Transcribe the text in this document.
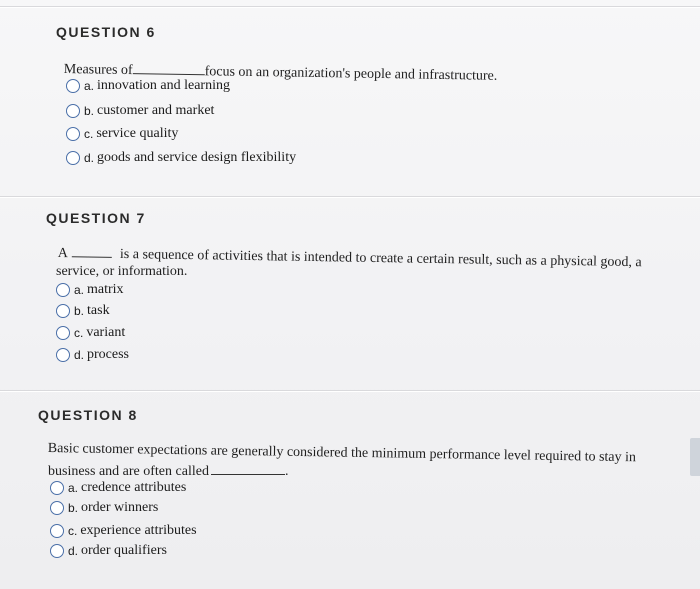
QUESTION 6
Measures of	focus on an organization's people and infrastructure.
a. innovation and learning
b. customer and market
c. service quality
d. goods and service design flexibility
QUESTION 7
A	is a sequence of activities that is intended to create a certain result, such as a physical good, a
service, or information.
a. matrix
b. task
c. variant
d. process
QUESTION 8
Basic customer expectations are generally considered the minimum performance level required to stay in
business and are often called	.
a. credence attributes
b. order winners
c. experience attributes
d. order qualifiers
